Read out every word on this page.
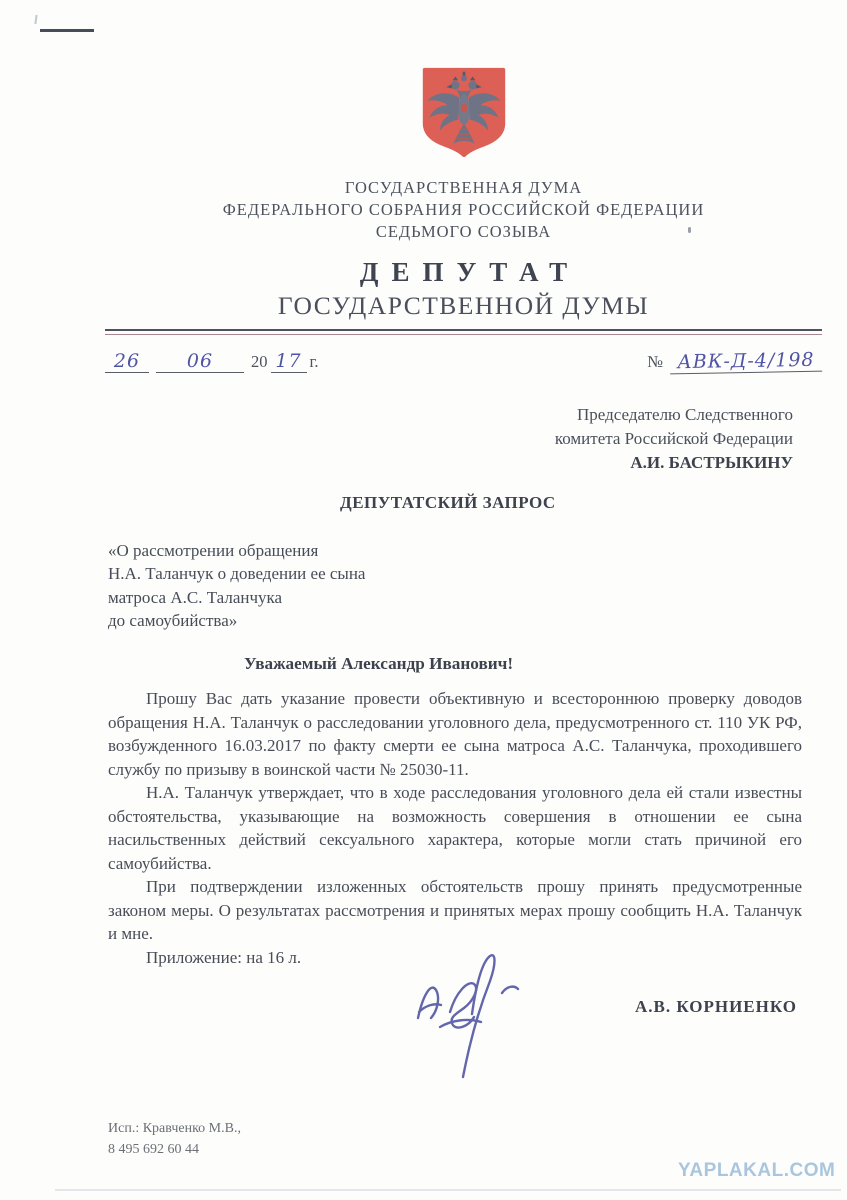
ГОСУДАРСТВЕННАЯ ДУМА
ФЕДЕРАЛЬНОГО СОБРАНИЯ РОССИЙСКОЙ ФЕДЕРАЦИИ
СЕДЬМОГО СОЗЫВА
ДЕПУТАТ
ГОСУДАРСТВЕННОЙ ДУМЫ
26	06	20 17 г.	№ АВК-Д-4/198
Председателю Следственного
комитета Российской Федерации
А.И. БАСТРЫКИНУ
ДЕПУТАТСКИЙ ЗАПРОС
«О рассмотрении обращения
Н.А. Таланчук о доведении ее сына
матроса А.С. Таланчука
до самоубийства»
Уважаемый Александр Иванович!

Прошу Вас дать указание провести объективную и всестороннюю проверку доводов обращения Н.А. Таланчук о расследовании уголовного дела, предусмотренного ст. 110 УК РФ, возбужденного 16.03.2017 по факту смерти ее сына матроса А.С. Таланчука, проходившего службу по призыву в воинской части № 25030-11.

Н.А. Таланчук утверждает, что в ходе расследования уголовного дела ей стали известны обстоятельства, указывающие на возможность совершения в отношении ее сына насильственных действий сексуального характера, которые могли стать причиной его самоубийства.

При подтверждении изложенных обстоятельств прошу принять предусмотренные законом меры. О результатах рассмотрения и принятых мерах прошу сообщить Н.А. Таланчук и мне.

Приложение: на 16 л.

А.В. КОРНИЕНКО
Исп.: Кравченко М.В.,
8 495 692 60 44
YAPLAKAL.COM
